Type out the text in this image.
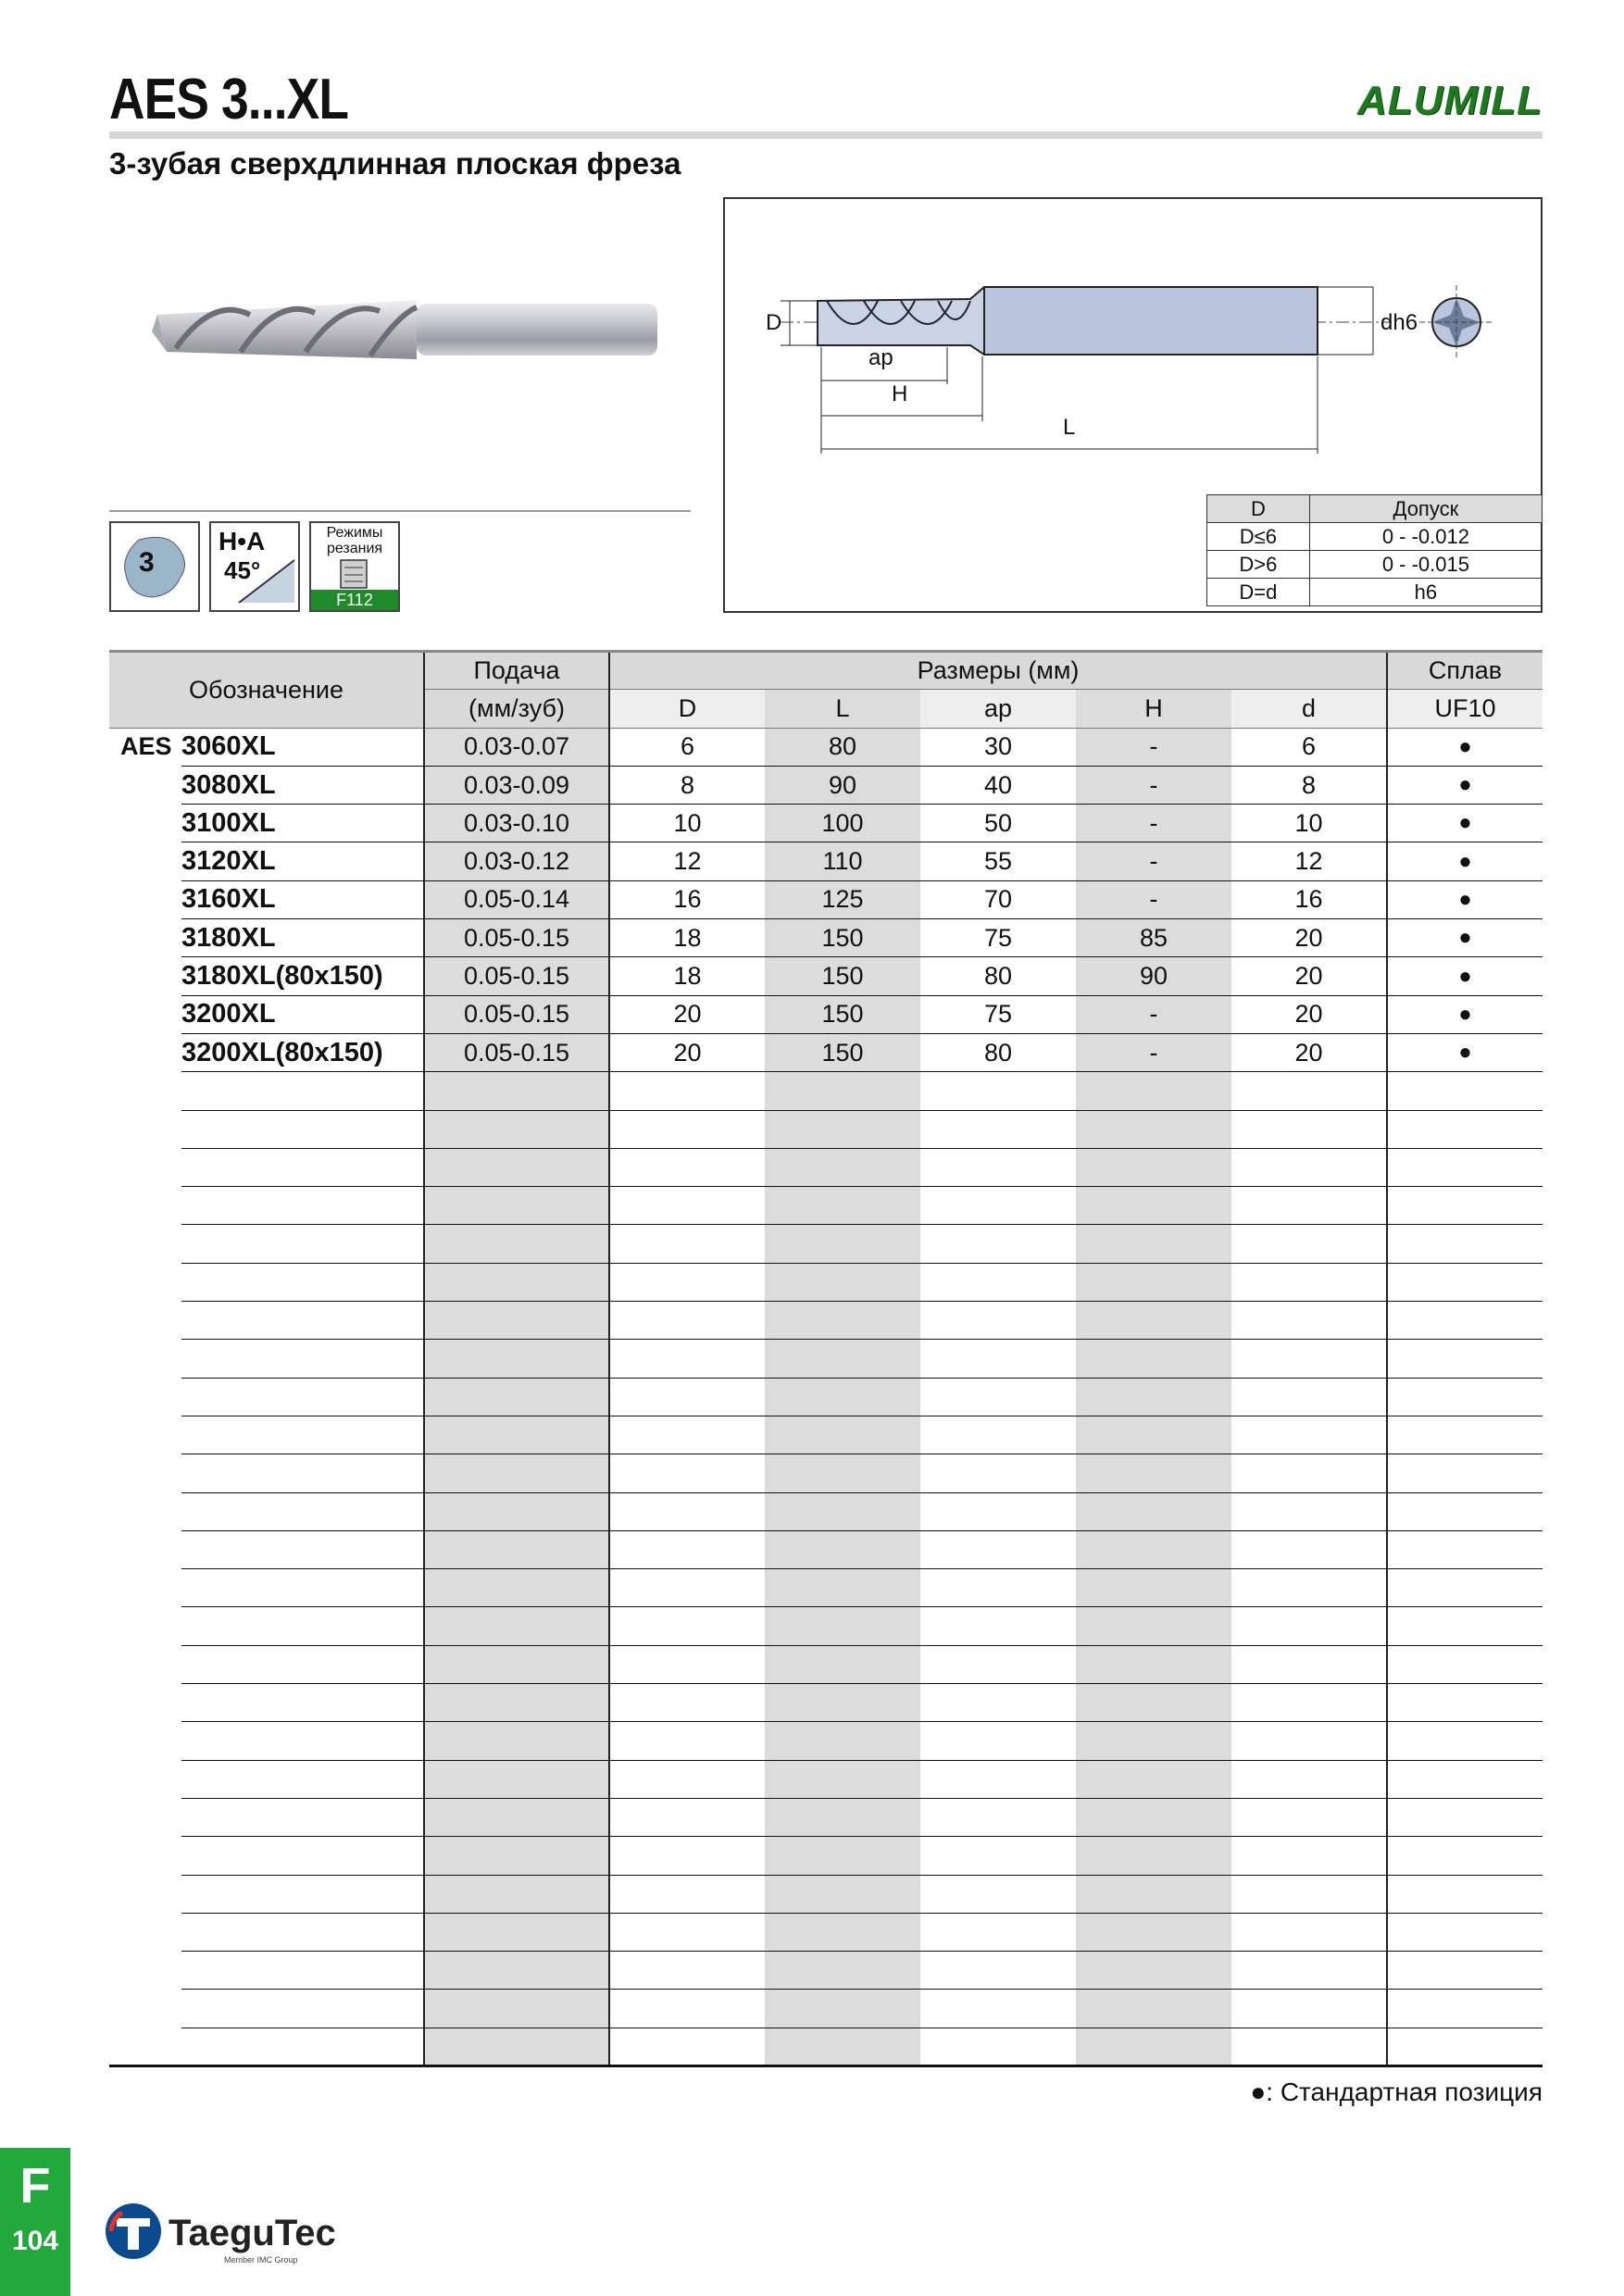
AES 3...XL	ALUMILL
3-зубая сверхдлинная плоская фреза
3
H•A
45°
Режимы резания
F112
D	dh6
ap
H
L
D	Допуск
D≤6	0 - -0.012
D>6	0 - -0.015
D=d	h6
Обозначение		Подача	Размеры (мм)					Сплав
		(мм/зуб)	D	L	ap	H	d	UF10
AES	3060XL	0.03-0.07	6	80	30	-	6	●
	3080XL	0.03-0.09	8	90	40	-	8	●
	3100XL	0.03-0.10	10	100	50	-	10	●
	3120XL	0.03-0.12	12	110	55	-	12	●
	3160XL	0.05-0.14	16	125	70	-	16	●
	3180XL	0.05-0.15	18	150	75	85	20	●
	3180XL(80x150)	0.05-0.15	18	150	80	90	20	●
	3200XL	0.05-0.15	20	150	75	-	20	●
	3200XL(80x150)	0.05-0.15	20	150	80	-	20	●

●: Стандартная позиция
F
104	TaeguTec
Member IMC Group
